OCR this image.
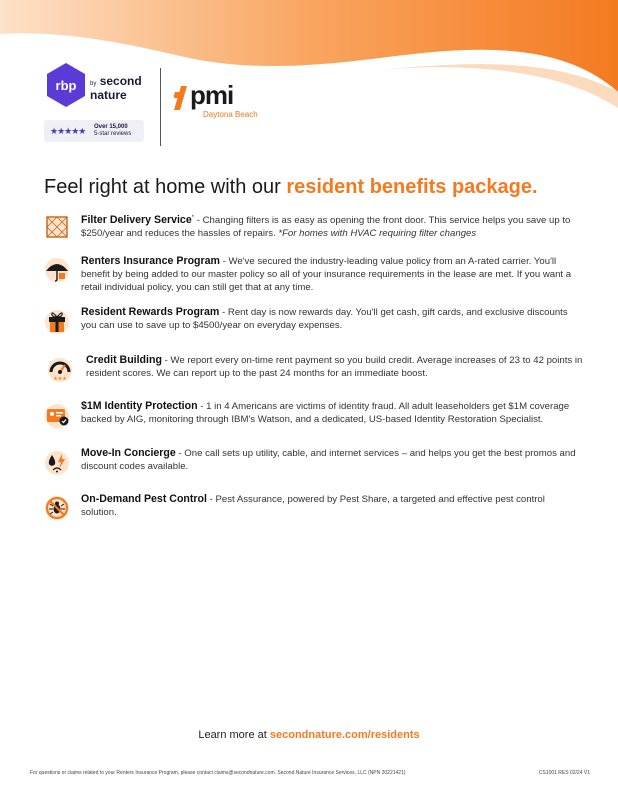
rbp by second
nature
★★★★★ Over 15,000
5-star reviews
pmi
Daytona Beach
Feel right at home with our resident benefits package.
Filter Delivery Service* - Changing filters is as easy as opening the front door. This service helps you save up to $250/year and reduces the hassles of repairs. *For homes with HVAC requiring filter changes
Renters Insurance Program - We've secured the industry-leading value policy from an A-rated carrier. You'll benefit by being added to our master policy so all of your insurance requirements in the lease are met. If you want a retail individual policy, you can still get that at any time.
Resident Rewards Program - Rent day is now rewards day. You'll get cash, gift cards, and exclusive discounts you can use to save up to $4500/year on everyday expenses.
★★★
Credit Building - We report every on-time rent payment so you build credit. Average increases of 23 to 42 points in resident scores. We can report up to the past 24 months for an immediate boost.
$1M Identity Protection - 1 in 4 Americans are victims of identity fraud. All adult leaseholders get $1M coverage backed by AIG, monitoring through IBM's Watson, and a dedicated, US-based Identity Restoration Specialist.
Move-In Concierge - One call sets up utility, cable, and internet services – and helps you get the best promos and discount codes available.
On-Demand Pest Control - Pest Assurance, powered by Pest Share, a targeted and effective pest control solution.
Learn more at secondnature.com/residents
For questions or claims related to your Renters Insurance Program, please contact claims@secondnature.com. Second Nature Insurance Services, LLC (NPN 20221421)	CS1001 RES 02/24 V1
